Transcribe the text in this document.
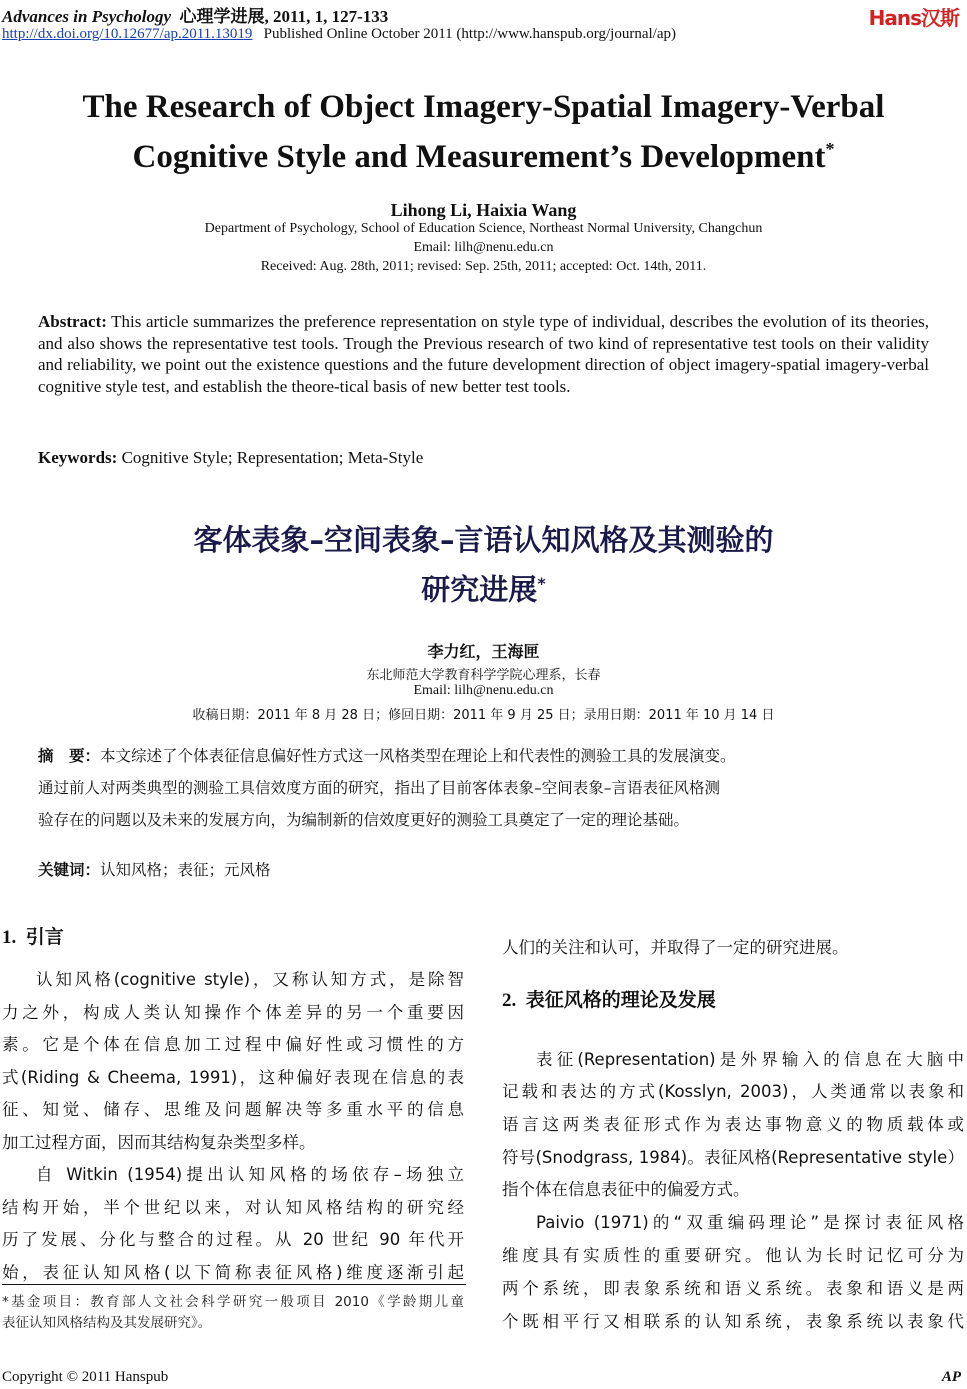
Advances in Psychology 心理学进展, 2011, 1, 127-133
http://dx.doi.org/10.12677/ap.2011.13019 Published Online October 2011 (http://www.hanspub.org/journal/ap)
Hans汉斯
The Research of Object Imagery-Spatial Imagery-Verbal
Cognitive Style and Measurement’s Development*
Lihong Li, Haixia Wang
Department of Psychology, School of Education Science, Northeast Normal University, Changchun
Email: lilh@nenu.edu.cn
Received: Aug. 28th, 2011; revised: Sep. 25th, 2011; accepted: Oct. 14th, 2011.
Abstract: This article summarizes the preference representation on style type of individual, describes the evolution of its theories, and also shows the representative test tools. Trough the Previous research of two kind of representative test tools on their validity and reliability, we point out the existence questions and the future development direction of object imagery-spatial imagery-verbal cognitive style test, and establish the theore-tical basis of new better test tools.
Keywords: Cognitive Style; Representation; Meta-Style
客体表象–空间表象–言语认知风格及其测验的
研究进展*
李力红，王海匣
东北师范大学教育科学学院心理系，长春
Email: lilh@nenu.edu.cn
收稿日期：2011 年 8 月 28 日；修回日期：2011 年 9 月 25 日；录用日期：2011 年 10 月 14 日
摘　要：本文综述了个体表征信息偏好性方式这一风格类型在理论上和代表性的测验工具的发展演变。
通过前人对两类典型的测验工具信效度方面的研究，指出了目前客体表象–空间表象–言语表征风格测
验存在的问题以及未来的发展方向，为编制新的信效度更好的测验工具奠定了一定的理论基础。
关键词：认知风格；表征；元风格
1. 引言
认知风格(cognitive style)，又称认知方式，是除智
力之外，构成人类认知操作个体差异的另一个重要因
素。它是个体在信息加工过程中偏好性或习惯性的方
式(Riding & Cheema, 1991)，这种偏好表现在信息的表
征、知觉、储存、思维及问题解决等多重水平的信息
加工过程方面，因而其结构复杂类型多样。
自 Witkin (1954)提出认知风格的场依存–场独立
结构开始，半个世纪以来，对认知风格结构的研究经
历了发展、分化与整合的过程。从 20 世纪 90 年代开
始，表征认知风格(以下简称表征风格)维度逐渐引起
*基金项目：教育部人文社会科学研究一般项目 2010《学龄期儿童
表征认知风格结构及其发展研究》。
人们的关注和认可，并取得了一定的研究进展。
2. 表征风格的理论及发展
表征(Representation)是外界输入的信息在大脑中
记载和表达的方式(Kosslyn, 2003)，人类通常以表象和
语言这两类表征形式作为表达事物意义的物质载体或
符号(Snodgrass, 1984)。表征风格(Representative style）
指个体在信息表征中的偏爱方式。
Paivio (1971)的“双重编码理论”是探讨表征风格
维度具有实质性的重要研究。他认为长时记忆可分为
两个系统，即表象系统和语义系统。表象和语义是两
个既相平行又相联系的认知系统，表象系统以表象代
Copyright © 2011 Hanspub	AP
